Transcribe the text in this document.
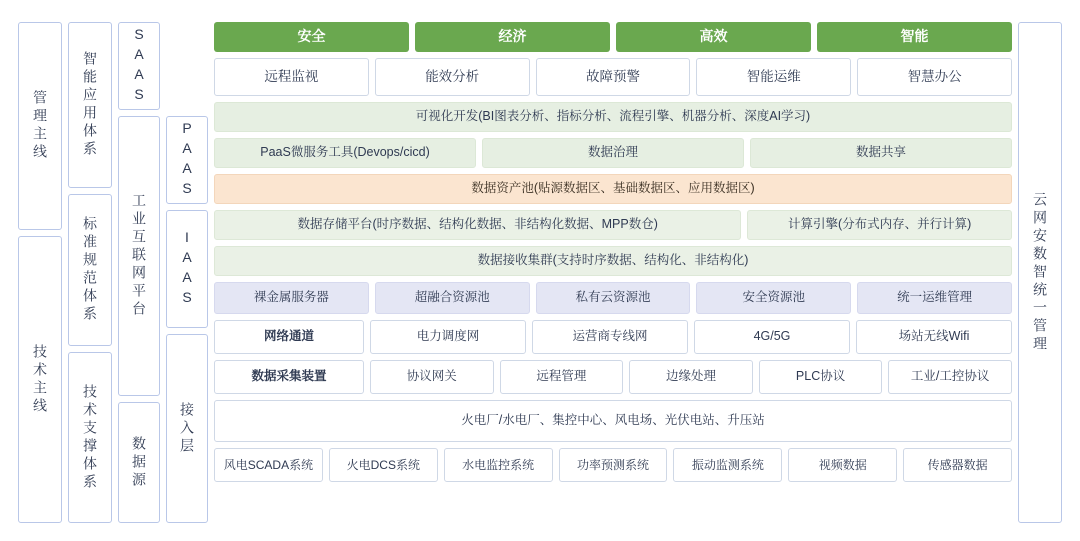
管理主线
技术主线
智能应用体系
标准规范体系
技术支撑体系
SAAS
工业互联网平台
数据源
PAAS
IAAS
接入层
安全	经济	高效	智能
远程监视	能效分析	故障预警	智能运维	智慧办公
可视化开发(BI图表分析、指标分析、流程引擎、机器分析、深度AI学习)
PaaS微服务工具(Devops/cicd)	数据治理	数据共享
数据资产池(贴源数据区、基础数据区、应用数据区)
数据存储平台(时序数据、结构化数据、非结构化数据、MPP数仓)	计算引擎(分布式内存、并行计算)
数据接收集群(支持时序数据、结构化、非结构化)
裸金属服务器	超融合资源池	私有云资源池	安全资源池	统一运维管理
网络通道	电力调度网	运营商专线网	4G/5G	场站无线Wifi
数据采集装置	协议网关	远程管理	边缘处理	PLC协议	工业/工控协议
火电厂/水电厂、集控中心、风电场、光伏电站、升压站
风电SCADA系统	火电DCS系统	水电监控系统	功率预测系统	振动监测系统	视频数据	传感器数据
云网安数智统一管理
